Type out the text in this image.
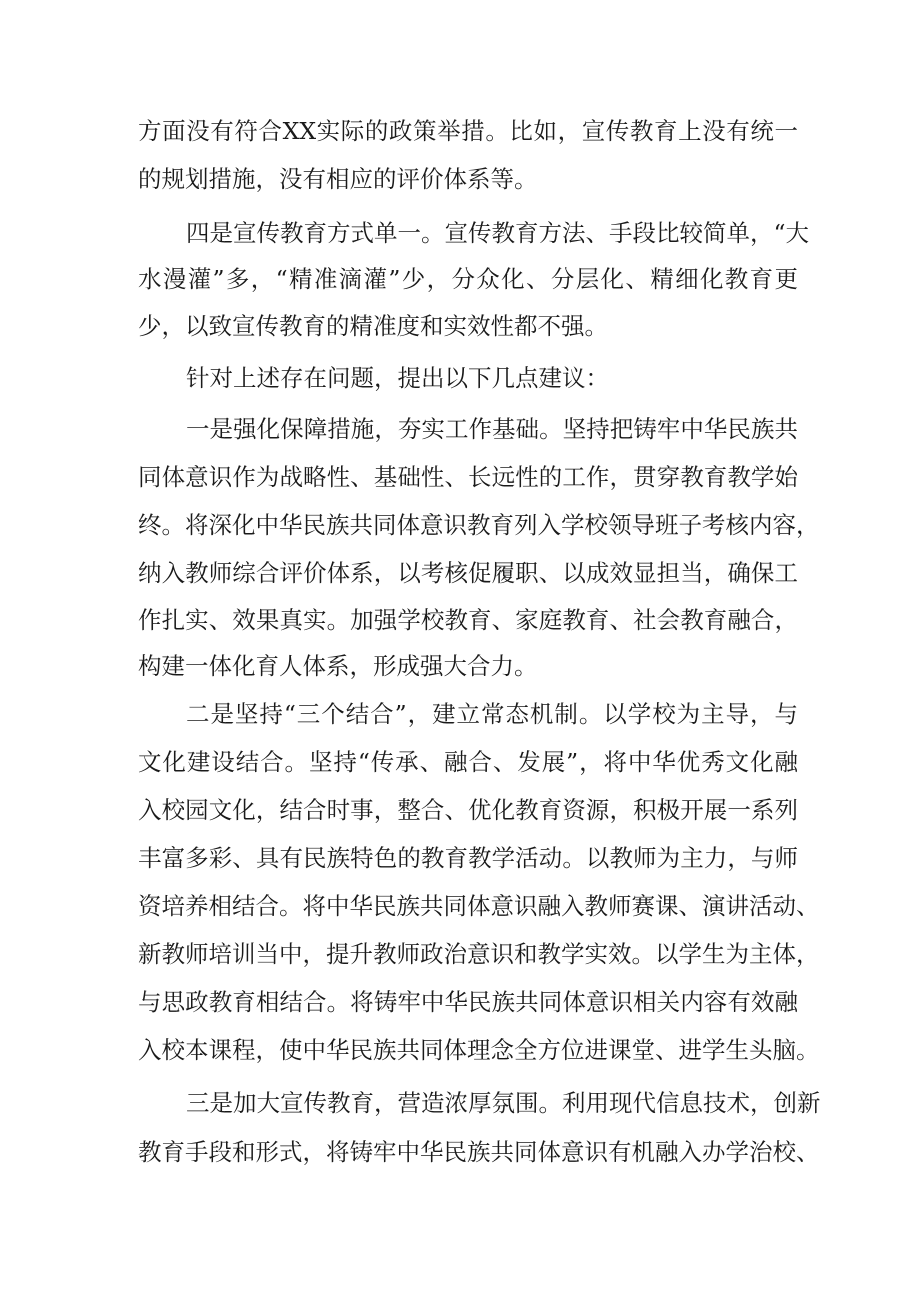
方面没有符合XX实际的政策举措。比如，宣传教育上没有统一
的规划措施，没有相应的评价体系等。
四是宣传教育方式单一。宣传教育方法、手段比较简单，“大
水漫灌”多，“精准滴灌”少，分众化、分层化、精细化教育更
少，以致宣传教育的精准度和实效性都不强。
针对上述存在问题，提出以下几点建议：
一是强化保障措施，夯实工作基础。坚持把铸牢中华民族共
同体意识作为战略性、基础性、长远性的工作，贯穿教育教学始
终。将深化中华民族共同体意识教育列入学校领导班子考核内容，
纳入教师综合评价体系，以考核促履职、以成效显担当，确保工
作扎实、效果真实。加强学校教育、家庭教育、社会教育融合，
构建一体化育人体系，形成强大合力。
二是坚持“三个结合”，建立常态机制。以学校为主导，与
文化建设结合。坚持“传承、融合、发展”，将中华优秀文化融
入校园文化，结合时事，整合、优化教育资源，积极开展一系列
丰富多彩、具有民族特色的教育教学活动。以教师为主力，与师
资培养相结合。将中华民族共同体意识融入教师赛课、演讲活动、
新教师培训当中，提升教师政治意识和教学实效。以学生为主体，
与思政教育相结合。将铸牢中华民族共同体意识相关内容有效融
入校本课程，使中华民族共同体理念全方位进课堂、进学生头脑。
三是加大宣传教育，营造浓厚氛围。利用现代信息技术，创新
教育手段和形式，将铸牢中华民族共同体意识有机融入办学治校、
